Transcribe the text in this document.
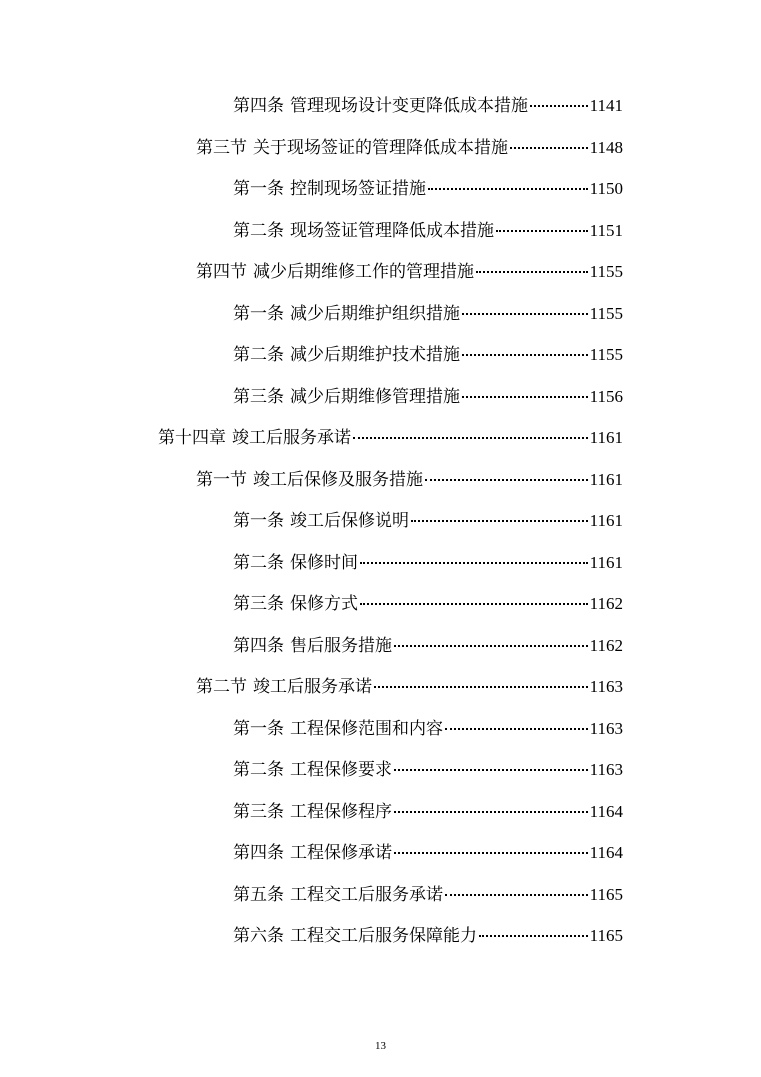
第四条 管理现场设计变更降低成本措施	1141
第三节 关于现场签证的管理降低成本措施	1148
第一条 控制现场签证措施	1150
第二条 现场签证管理降低成本措施	1151
第四节 减少后期维修工作的管理措施	1155
第一条 减少后期维护组织措施	1155
第二条 减少后期维护技术措施	1155
第三条 减少后期维修管理措施	1156
第十四章 竣工后服务承诺	1161
第一节 竣工后保修及服务措施	1161
第一条 竣工后保修说明	1161
第二条 保修时间	1161
第三条 保修方式	1162
第四条 售后服务措施	1162
第二节 竣工后服务承诺	1163
第一条 工程保修范围和内容	1163
第二条 工程保修要求	1163
第三条 工程保修程序	1164
第四条 工程保修承诺	1164
第五条 工程交工后服务承诺	1165
第六条 工程交工后服务保障能力	1165
13
